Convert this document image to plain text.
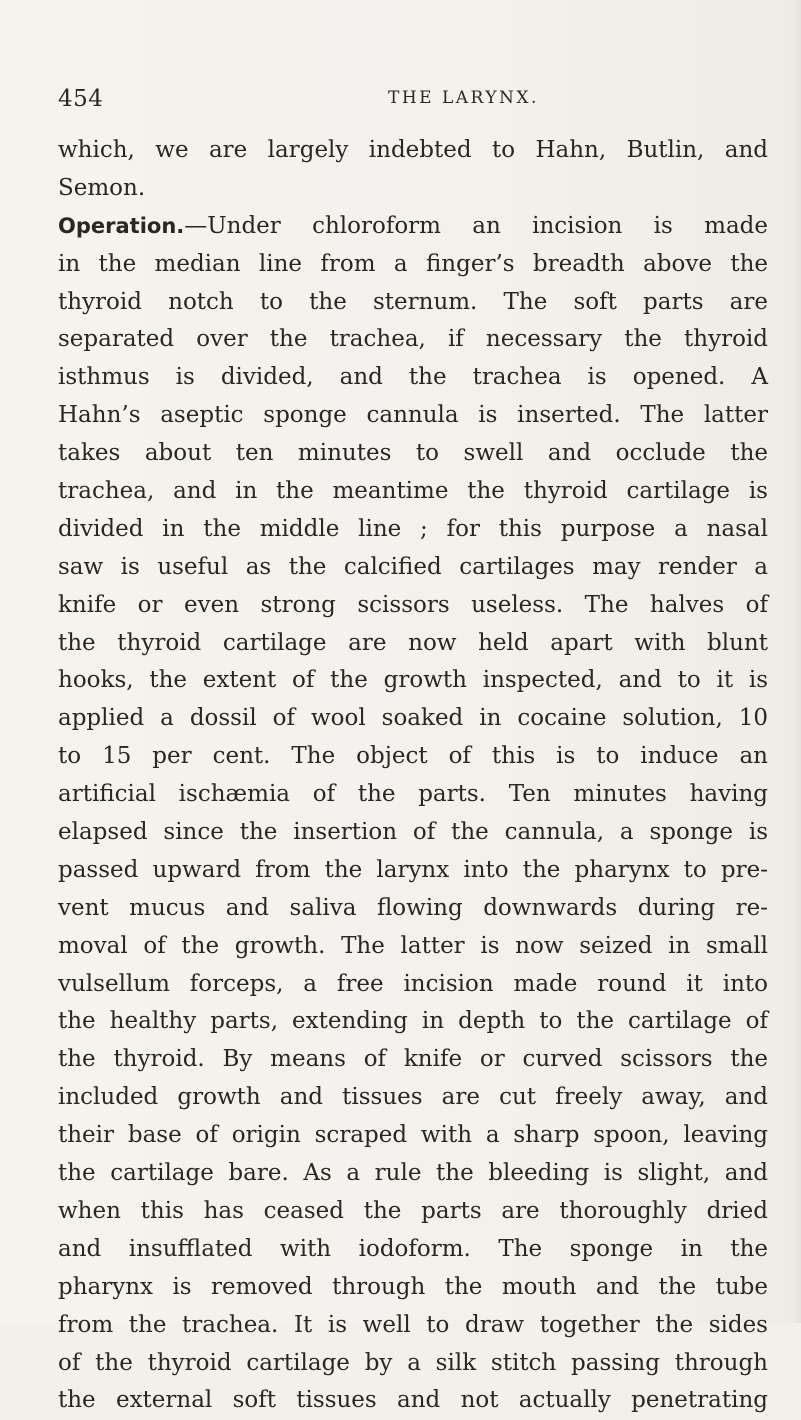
454	THE LARYNX.
which, we are largely indebted to Hahn, Butlin, and
Semon.
Operation.—Under chloroform an incision is made
in the median line from a finger’s breadth above the
thyroid notch to the sternum. The soft parts are
separated over the trachea, if necessary the thyroid
isthmus is divided, and the trachea is opened. A
Hahn’s aseptic sponge cannula is inserted. The latter
takes about ten minutes to swell and occlude the
trachea, and in the meantime the thyroid cartilage is
divided in the middle line ; for this purpose a nasal
saw is useful as the calcified cartilages may render a
knife or even strong scissors useless. The halves of
the thyroid cartilage are now held apart with blunt
hooks, the extent of the growth inspected, and to it is
applied a dossil of wool soaked in cocaine solution, 10
to 15 per cent. The object of this is to induce an
artificial ischæmia of the parts. Ten minutes having
elapsed since the insertion of the cannula, a sponge is
passed upward from the larynx into the pharynx to pre-
vent mucus and saliva flowing downwards during re-
moval of the growth. The latter is now seized in small
vulsellum forceps, a free incision made round it into
the healthy parts, extending in depth to the cartilage of
the thyroid. By means of knife or curved scissors the
included growth and tissues are cut freely away, and
their base of origin scraped with a sharp spoon, leaving
the cartilage bare. As a rule the bleeding is slight, and
when this has ceased the parts are thoroughly dried
and insufflated with iodoform. The sponge in the
pharynx is removed through the mouth and the tube
from the trachea. It is well to draw together the sides
of the thyroid cartilage by a silk stitch passing through
the external soft tissues and not actually penetrating
